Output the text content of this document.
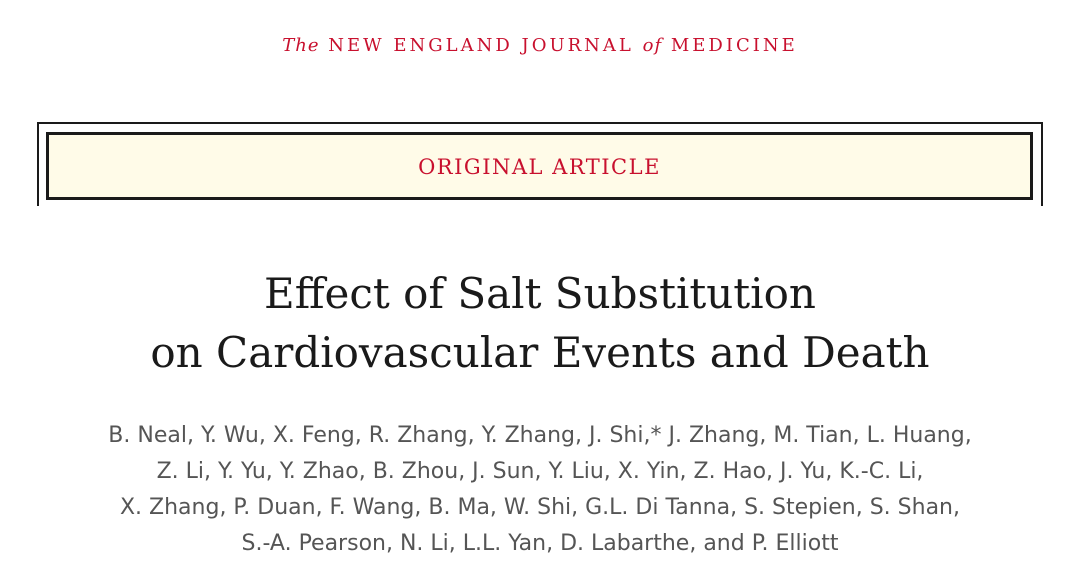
The NEW ENGLAND JOURNAL of MEDICINE
ORIGINAL ARTICLE
Effect of Salt Substitution
on Cardiovascular Events and Death
B. Neal, Y. Wu, X. Feng, R. Zhang, Y. Zhang, J. Shi,* J. Zhang, M. Tian, L. Huang,
Z. Li, Y. Yu, Y. Zhao, B. Zhou, J. Sun, Y. Liu, X. Yin, Z. Hao, J. Yu, K.-C. Li,
X. Zhang, P. Duan, F. Wang, B. Ma, W. Shi, G.L. Di Tanna, S. Stepien, S. Shan,
S.-A. Pearson, N. Li, L.L. Yan, D. Labarthe, and P. Elliott
